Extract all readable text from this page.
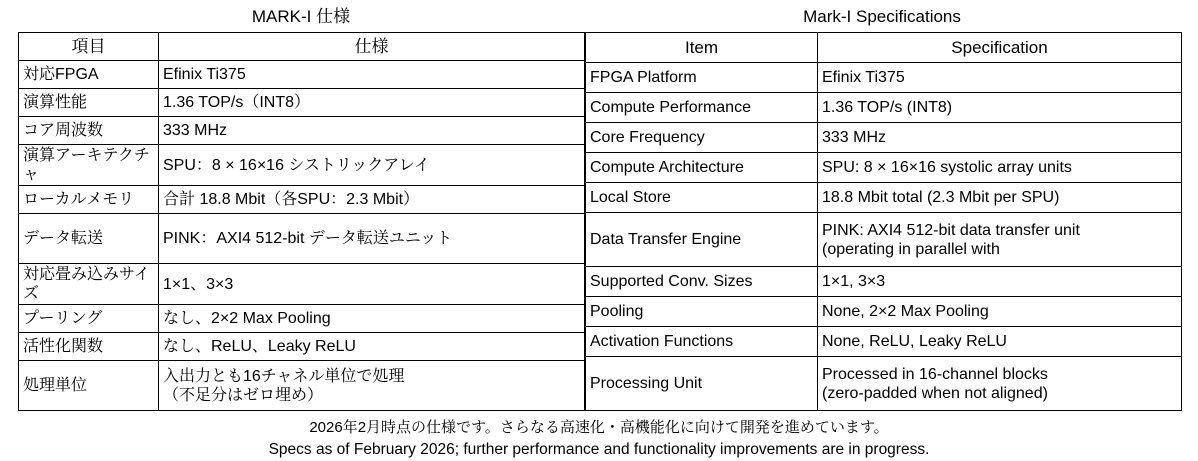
MARK-I 仕様	Mark-I Specifications
項目	仕様
対応FPGA	Efinix Ti375
演算性能	1.36 TOP/s（INT8）
コア周波数	333 MHz
演算アーキテクチャ	SPU：8 × 16×16 シストリックアレイ
ローカルメモリ	合計 18.8 Mbit（各SPU：2.3 Mbit）
データ転送	PINK：AXI4 512-bit データ転送ユニット
対応畳み込みサイズ	1×1、3×3
プーリング	なし、2×2 Max Pooling
活性化関数	なし、ReLU、Leaky ReLU
処理単位	入出力とも16チャネル単位で処理
（不足分はゼロ埋め）
Item	Specification
FPGA Platform	Efinix Ti375
Compute Performance	1.36 TOP/s (INT8)
Core Frequency	333 MHz
Compute Architecture	SPU: 8 × 16×16 systolic array units
Local Store	18.8 Mbit total (2.3 Mbit per SPU)
Data Transfer Engine	PINK: AXI4 512-bit data transfer unit
(operating in parallel with

Supported Conv. Sizes	1×1, 3×3
Pooling	None, 2×2 Max Pooling
Activation Functions	None, ReLU, Leaky ReLU
Processing Unit	Processed in 16-channel blocks
(zero-padded when not aligned)
2026年2月時点の仕様です。さらなる高速化・高機能化に向けて開発を進めています。
Specs as of February 2026; further performance and functionality improvements are in progress.
